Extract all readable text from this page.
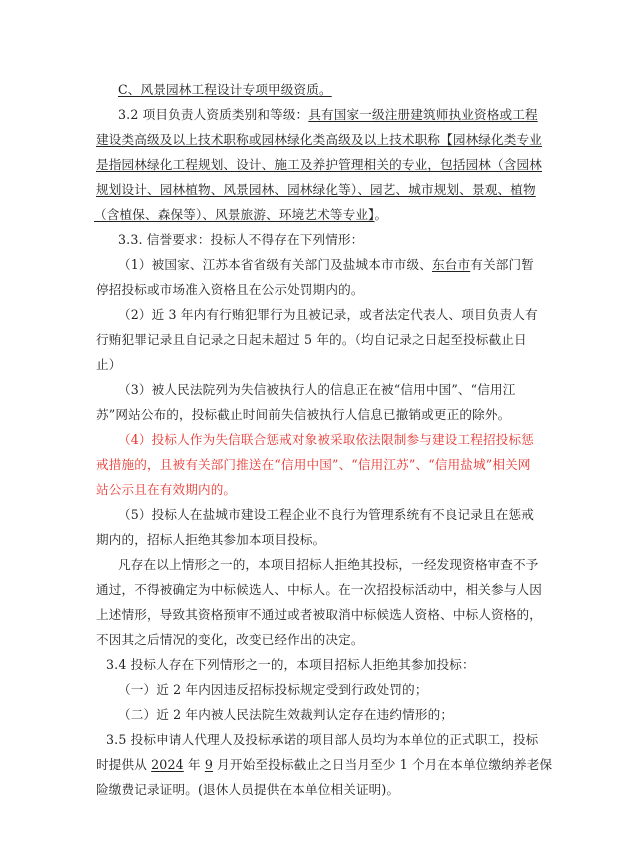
C、风景园林工程设计专项甲级资质。
3.2 项目负责人资质类别和等级：具有国家一级注册建筑师执业资格或工程
建设类高级及以上技术职称或园林绿化类高级及以上技术职称【园林绿化类专业
是指园林绿化工程规划、设计、施工及养护管理相关的专业，包括园林（含园林
规划设计、园林植物、风景园林、园林绿化等）、园艺、城市规划、景观、植物
（含植保、森保等）、风景旅游、环境艺术等专业】。
3.3. 信誉要求：投标人不得存在下列情形：
（1）被国家、江苏本省省级有关部门及盐城本市市级、东台市有关部门暂
停招投标或市场准入资格且在公示处罚期内的。
（2）近 3 年内有行贿犯罪行为且被记录，或者法定代表人、项目负责人有
行贿犯罪记录且自记录之日起未超过 5 年的。（均自记录之日起至投标截止日
止）
（3）被人民法院列为失信被执行人的信息正在被“信用中国”、“信用江
苏”网站公布的，投标截止时间前失信被执行人信息已撤销或更正的除外。
（4）投标人作为失信联合惩戒对象被采取依法限制参与建设工程招投标惩
戒措施的，且被有关部门推送在“信用中国”、“信用江苏”、“信用盐城”相关网
站公示且在有效期内的。
（5）投标人在盐城市建设工程企业不良行为管理系统有不良记录且在惩戒
期内的，招标人拒绝其参加本项目投标。
凡存在以上情形之一的，本项目招标人拒绝其投标，一经发现资格审查不予
通过，不得被确定为中标候选人、中标人。在一次招投标活动中，相关参与人因
上述情形，导致其资格预审不通过或者被取消中标候选人资格、中标人资格的，
不因其之后情况的变化，改变已经作出的决定。
3.4 投标人存在下列情形之一的，本项目招标人拒绝其参加投标：
（一）近 2 年内因违反招标投标规定受到行政处罚的；
（二）近 2 年内被人民法院生效裁判认定存在违约情形的；
3.5 投标申请人代理人及投标承诺的项目部人员均为本单位的正式职工，投标
时提供从 2024 年 9 月开始至投标截止之日当月至少 1 个月在本单位缴纳养老保
险缴费记录证明。(退休人员提供在本单位相关证明)。
